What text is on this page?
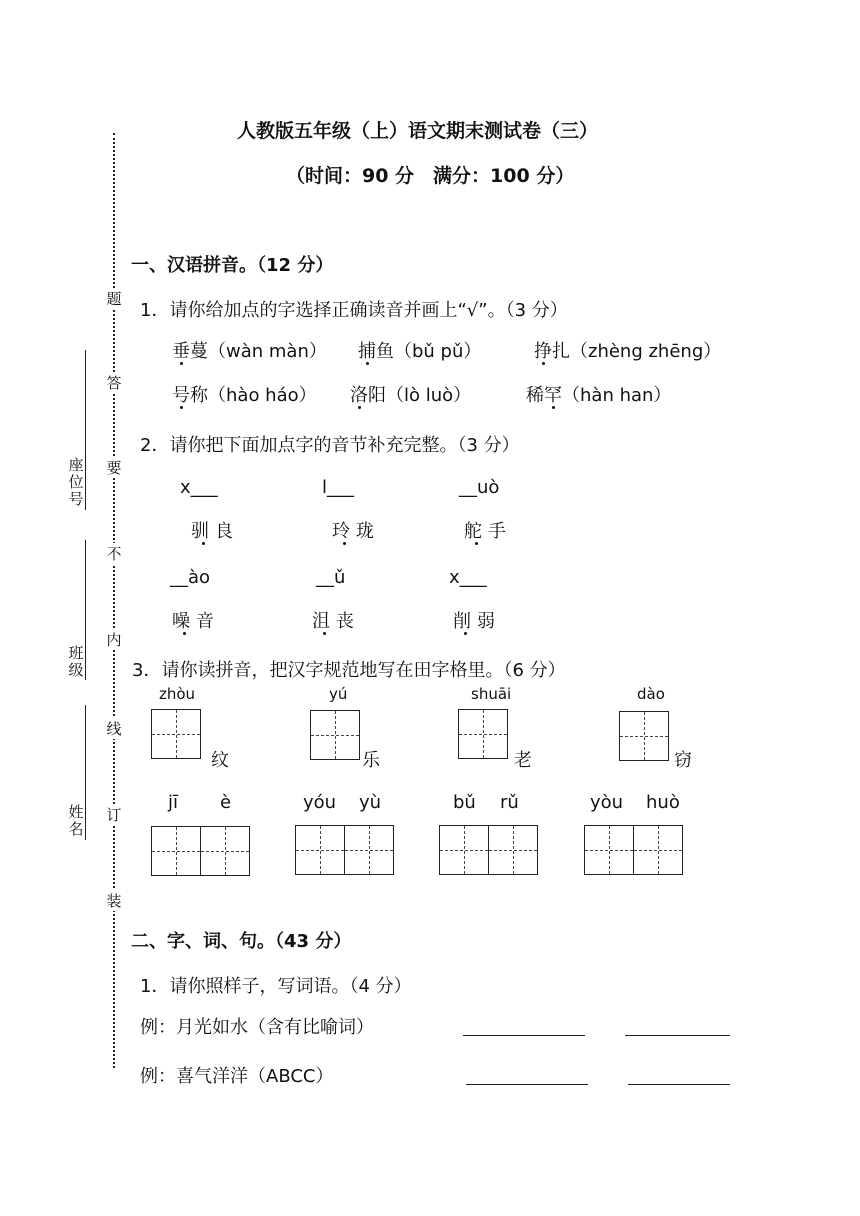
人教版五年级（上）语文期末测试卷（三）
（时间：90 分　满分：100 分）
题
答
要
不
内
线
订
装
座位号
班级
姓名
一、汉语拼音。（12 分）
1．请你给加点的字选择正确读音并画上“√”。（3 分）
垂蔓（wàn màn） 捕鱼（bǔ pǔ）	挣扎（zhèng zhēng）
号称（hào háo） 洛阳（lò luò）	稀罕（hàn han）
2．请你把下面加点字的音节补充完整。（3 分）
x___	l___	__uò
驯良	玲珑	舵手
__ào	__ǔ	x___
噪音	沮丧	削弱
3．请你读拼音，把汉字规范地写在田字格里。（6 分）
zhòu
纹
yú
乐
shuāi
老
dào
窃
jī è	yóu yù	bǔ rǔ	yòu huò
二、字、词、句。（43 分）
1．请你照样子，写词语。（4 分）
例：月光如水（含有比喻词）
例：喜气洋洋（ABCC）
